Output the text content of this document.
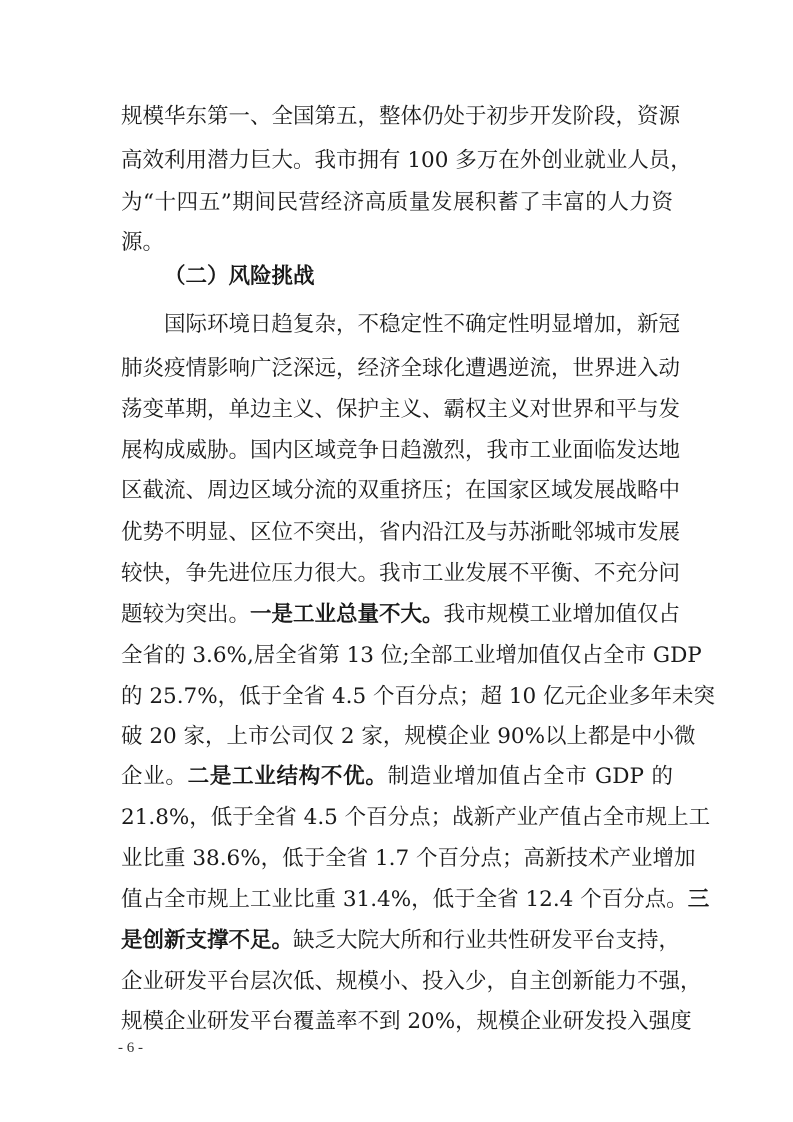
规模华东第一、全国第五，整体仍处于初步开发阶段，资源
高效利用潜力巨大。我市拥有 100 多万在外创业就业人员，
为“十四五”期间民营经济高质量发展积蓄了丰富的人力资
源。
（二）风险挑战
国际环境日趋复杂，不稳定性不确定性明显增加，新冠
肺炎疫情影响广泛深远，经济全球化遭遇逆流，世界进入动
荡变革期，单边主义、保护主义、霸权主义对世界和平与发
展构成威胁。国内区域竞争日趋激烈，我市工业面临发达地
区截流、周边区域分流的双重挤压；在国家区域发展战略中
优势不明显、区位不突出，省内沿江及与苏浙毗邻城市发展
较快，争先进位压力很大。我市工业发展不平衡、不充分问
题较为突出。一是工业总量不大。我市规模工业增加值仅占
全省的 3.6%,居全省第 13 位;全部工业增加值仅占全市 GDP
的 25.7%，低于全省 4.5 个百分点；超 10 亿元企业多年未突
破 20 家，上市公司仅 2 家，规模企业 90%以上都是中小微
企业。二是工业结构不优。制造业增加值占全市 GDP 的
21.8%，低于全省 4.5 个百分点；战新产业产值占全市规上工
业比重 38.6%，低于全省 1.7 个百分点；高新技术产业增加
值占全市规上工业比重 31.4%，低于全省 12.4 个百分点。三
是创新支撑不足。缺乏大院大所和行业共性研发平台支持，
企业研发平台层次低、规模小、投入少，自主创新能力不强，
规模企业研发平台覆盖率不到 20%，规模企业研发投入强度
- 6 -
